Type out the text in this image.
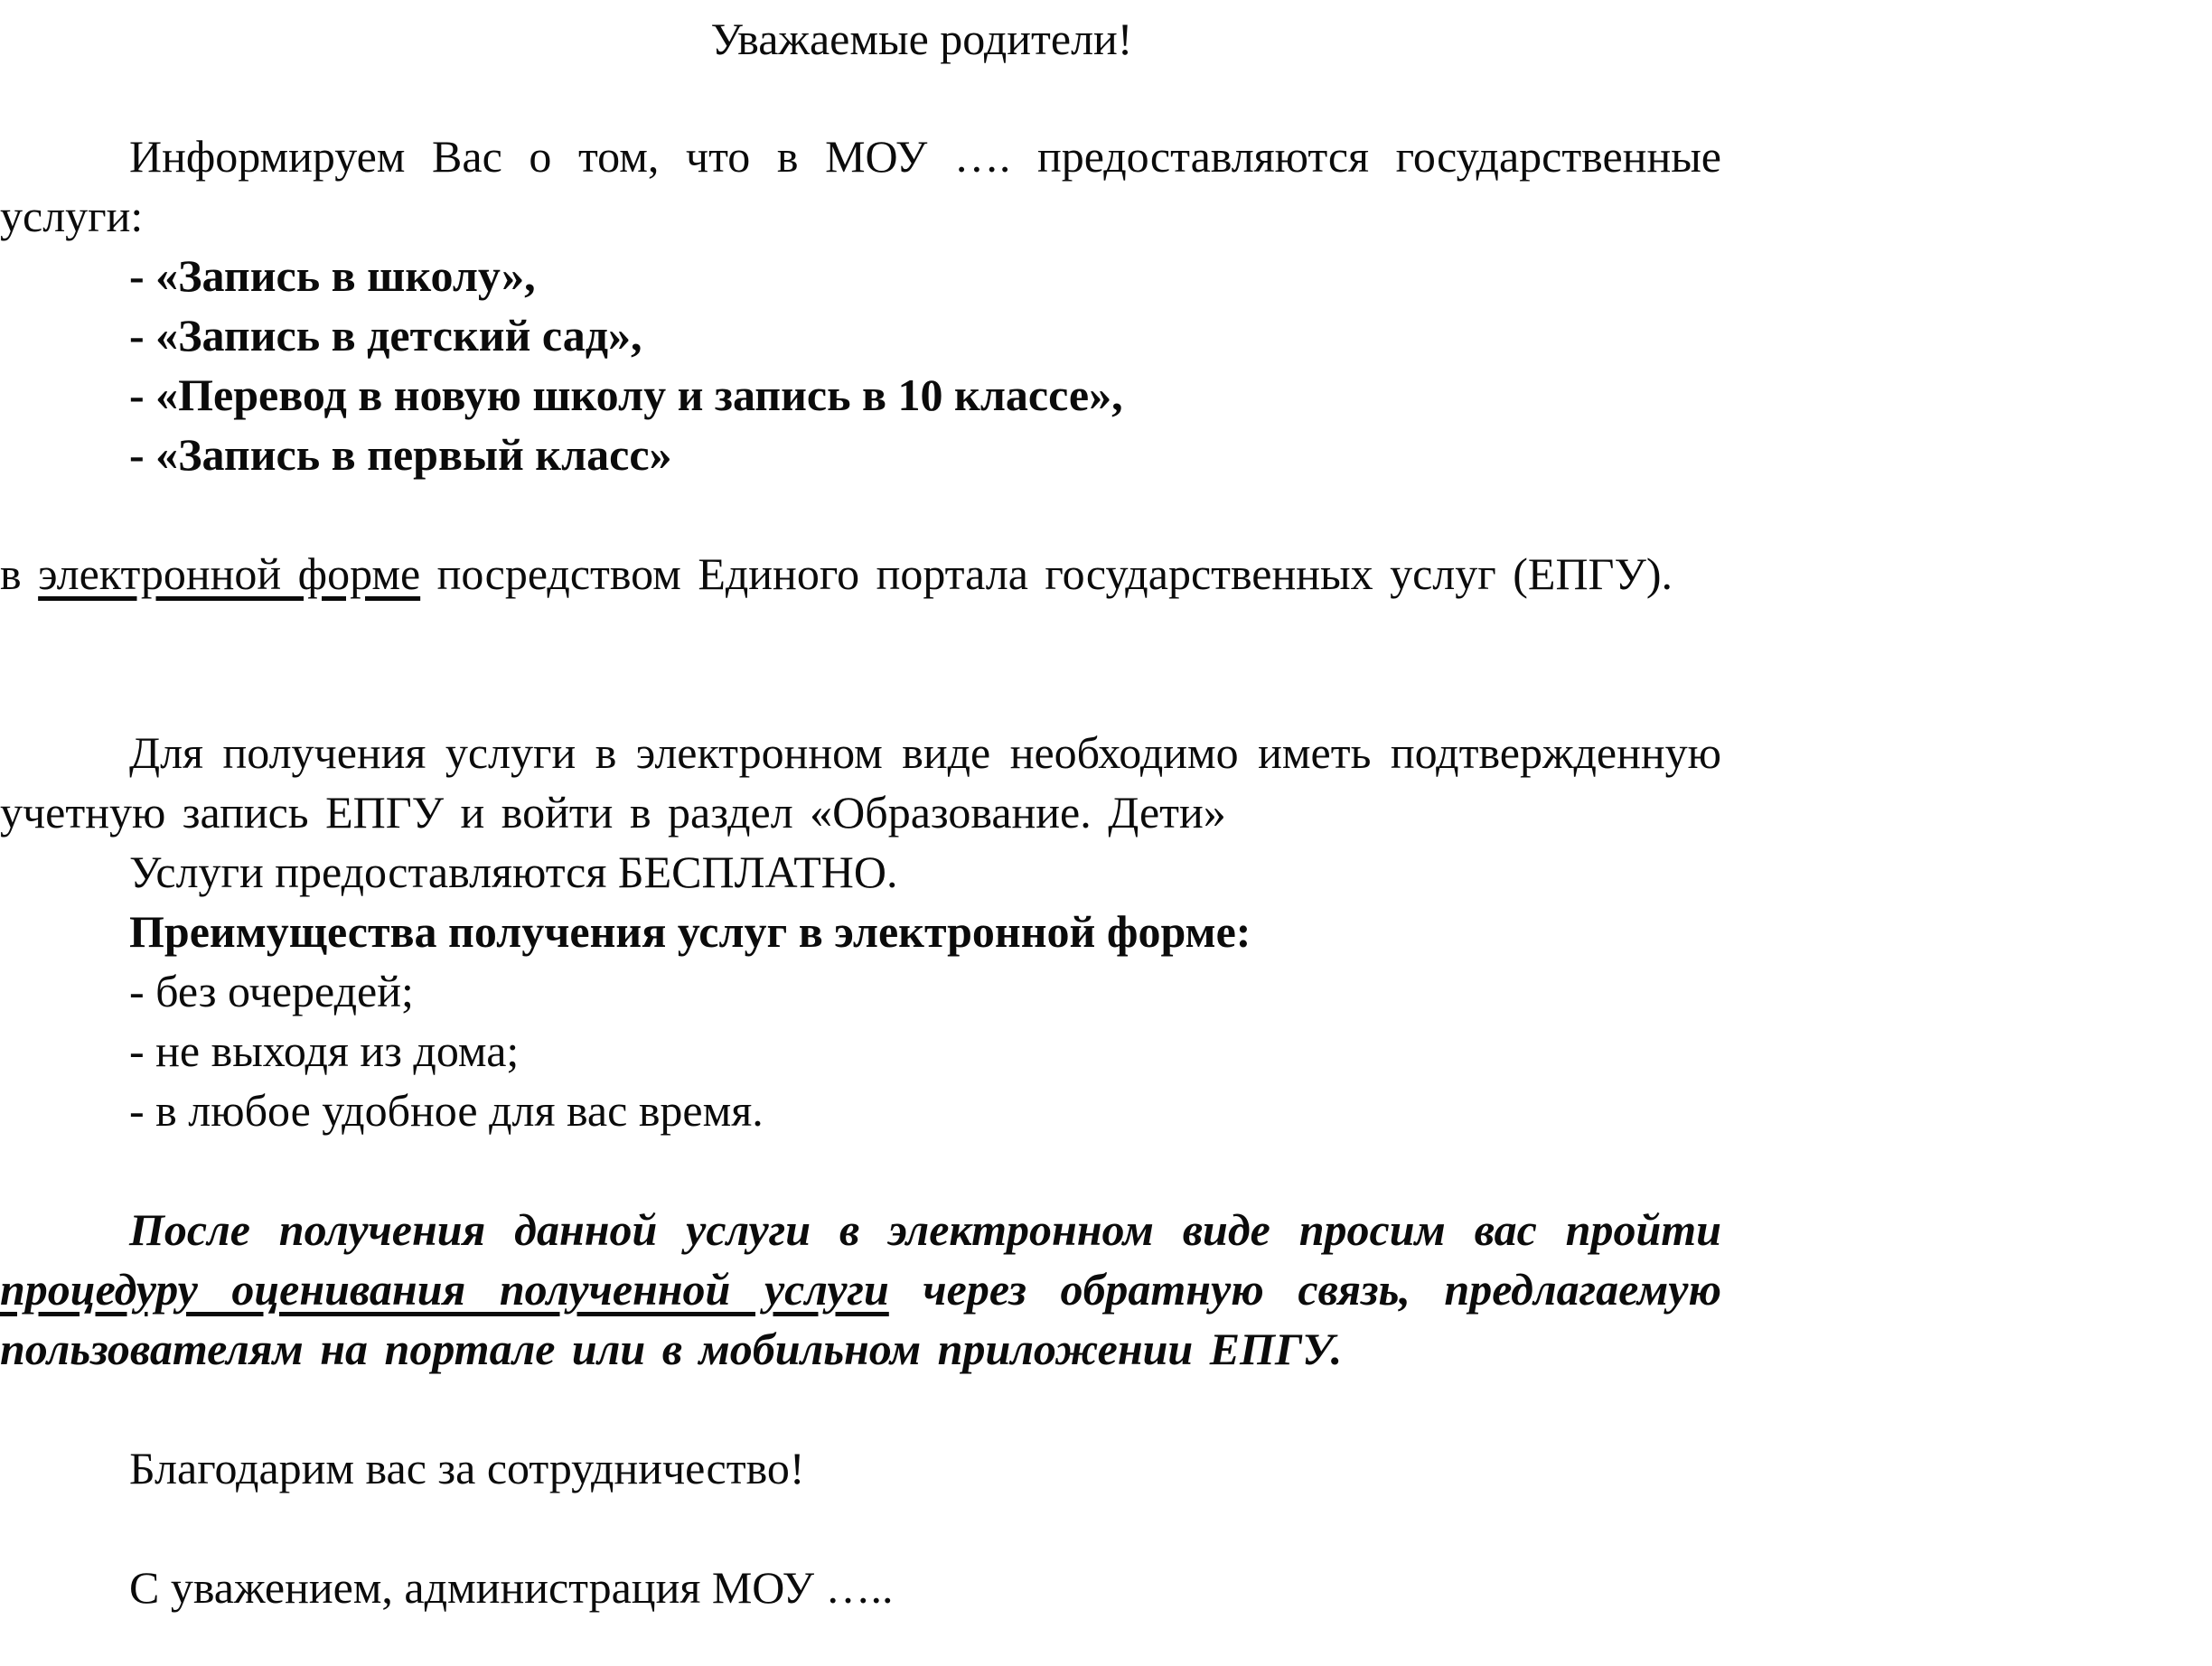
Уважаемые родители!

Информируем Вас о том, что в МОУ …. предоставляются государственные услуги:

- «Запись в школу»,
- «Запись в детский сад»,
- «Перевод в новую школу и запись в 10 классе»,
- «Запись в первый класс»

в электронной форме посредством Единого портала государственных услуг (ЕПГУ).

Для получения услуги в электронном виде необходимо иметь подтвержденную учетную запись ЕПГУ и войти в раздел «Образование. Дети»

Услуги предоставляются БЕСПЛАТНО.
Преимущества получения услуг в электронной форме:
- без очередей;
- не выходя из дома;
- в любое удобное для вас время.

После получения данной услуги в электронном виде просим вас пройти процедуру оценивания полученной услуги через обратную связь, предлагаемую пользователям на портале или в мобильном приложении ЕПГУ.

Благодарим вас за сотрудничество!
С уважением, администрация МОУ …..
